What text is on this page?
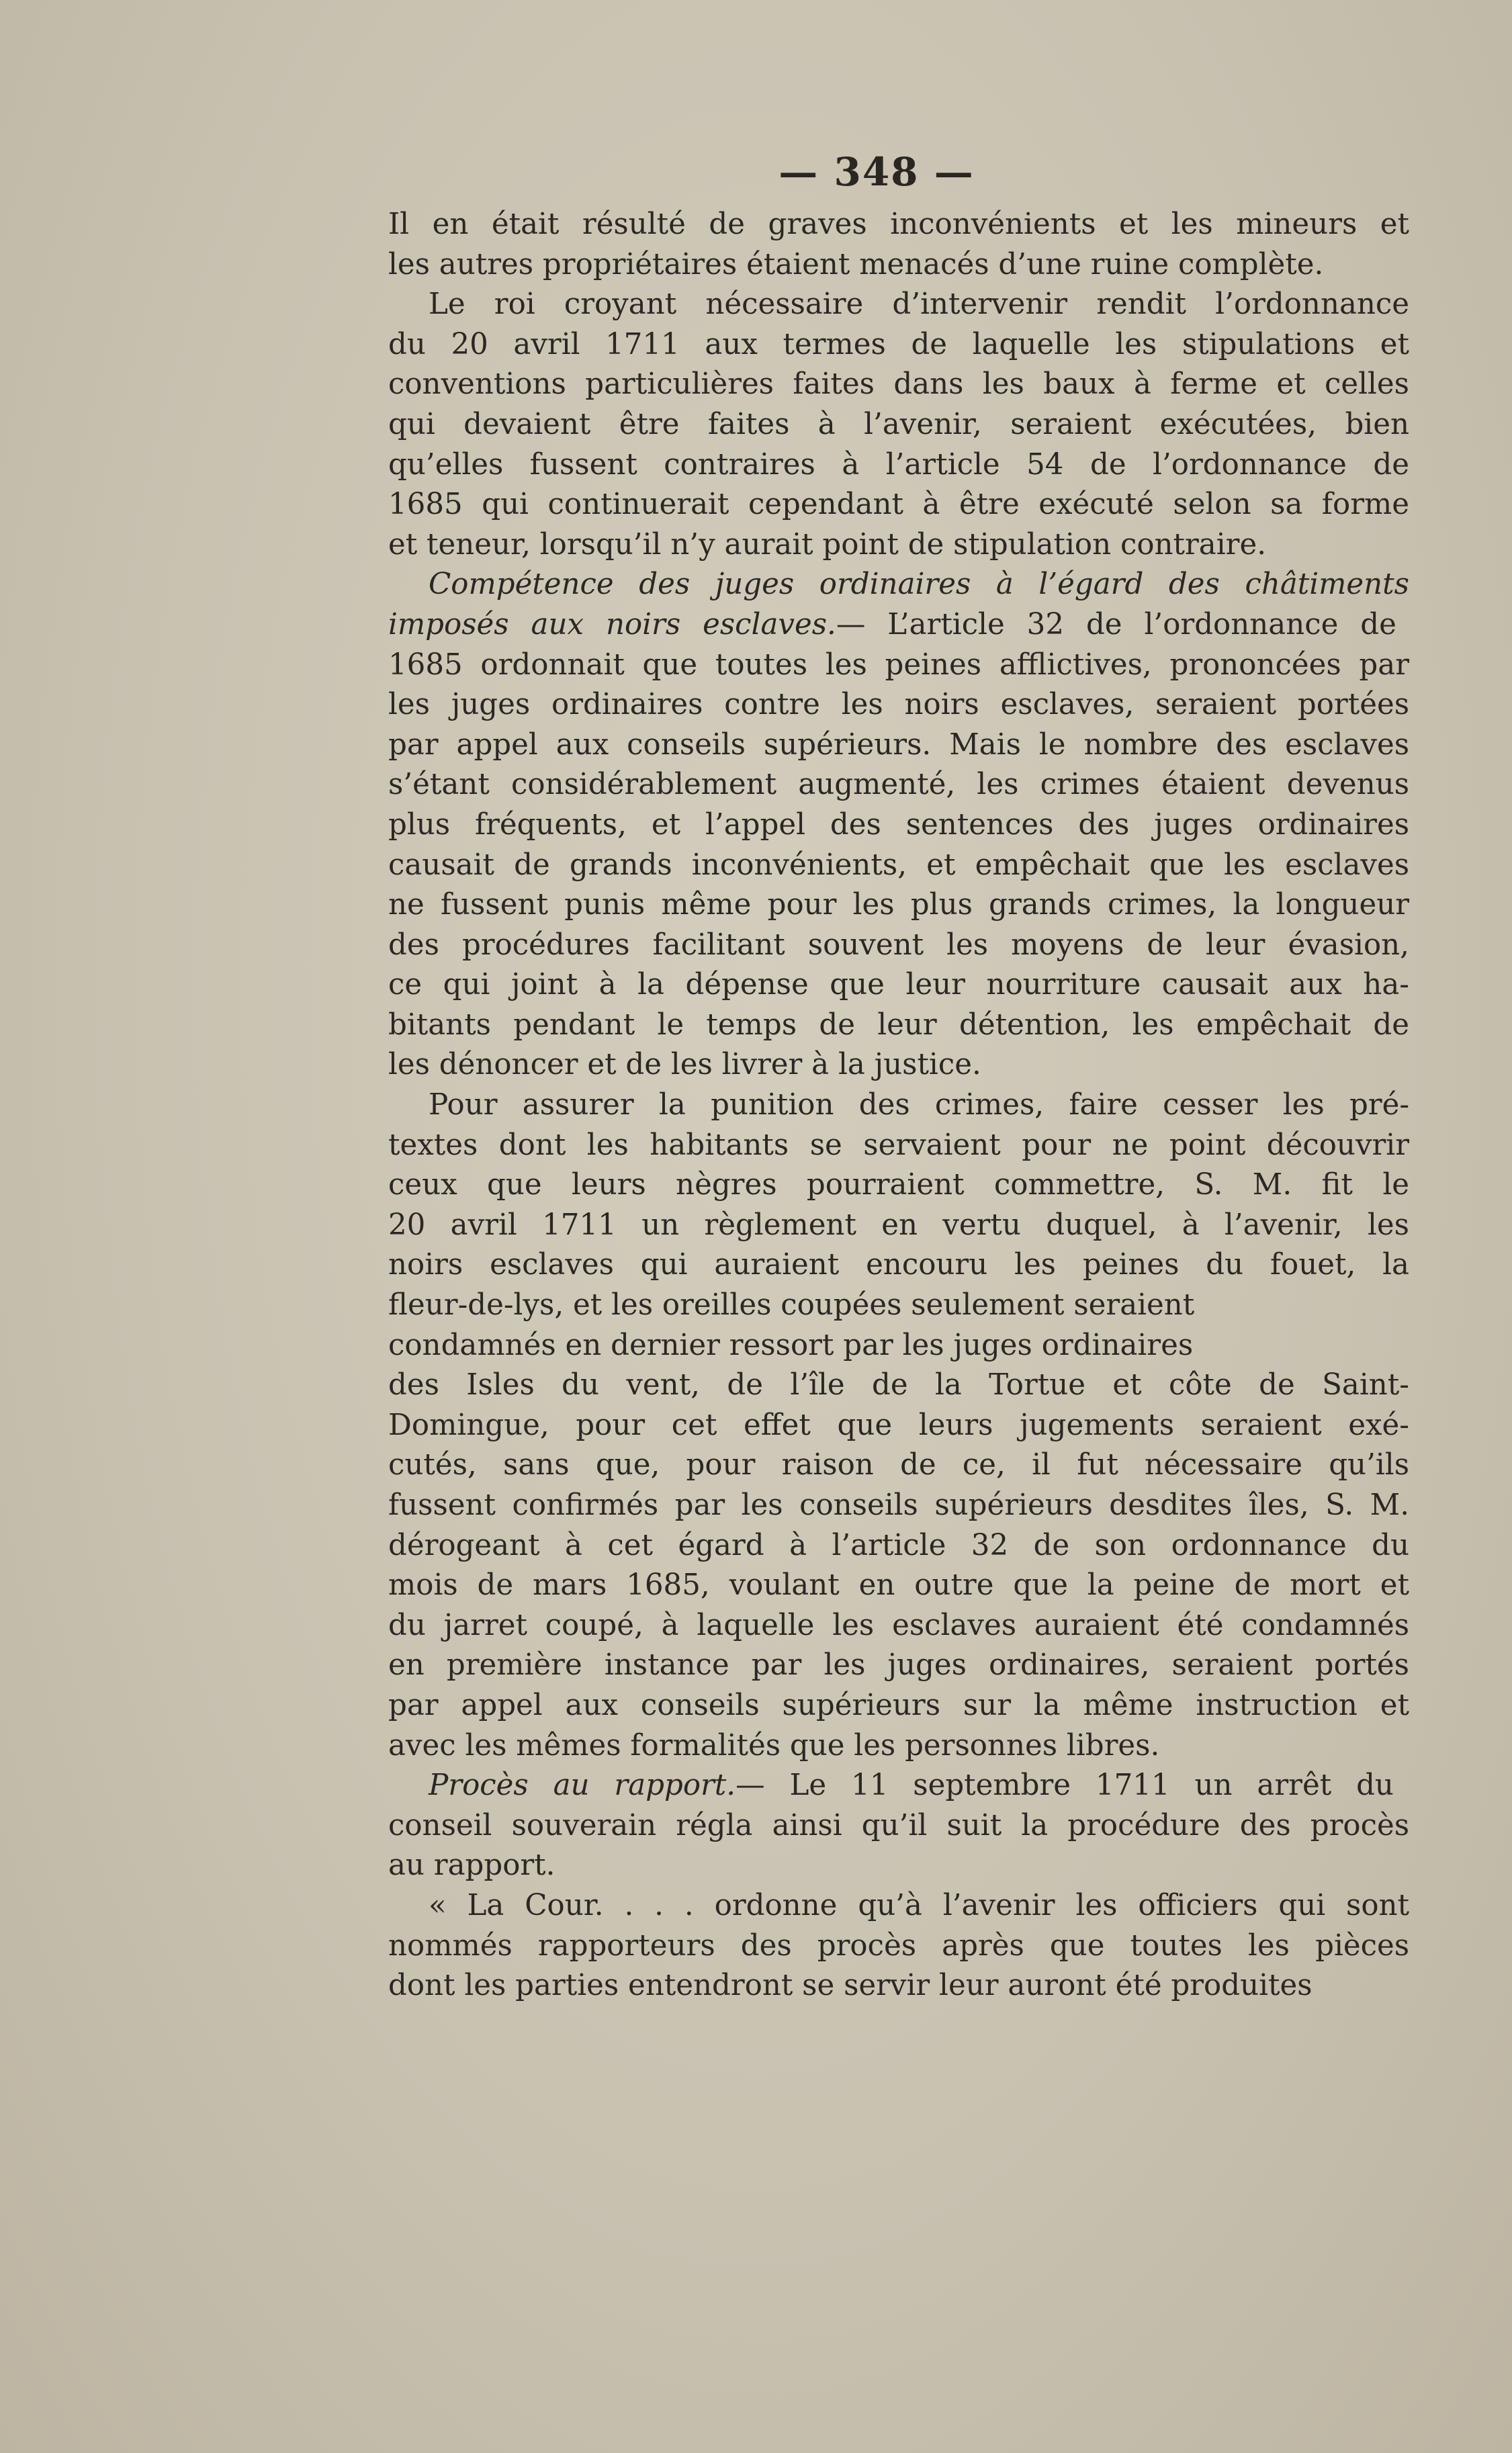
— 348 —
Il en était résulté de graves inconvénients et les mineurs et
les autres propriétaires étaient menacés d’une ruine complète.
Le roi croyant nécessaire d’intervenir rendit l’ordonnance
du 20 avril 1711 aux termes de laquelle les stipulations et
conventions particulières faites dans les baux à ferme et celles
qui devaient être faites à l’avenir, seraient exécutées, bien
qu’elles fussent contraires à l’article 54 de l’ordonnance de
1685 qui continuerait cependant à être exécuté selon sa forme
et teneur, lorsqu’il n’y aurait point de stipulation contraire.
Compétence des juges ordinaires à l’égard des châtiments
imposés aux noirs esclaves.— L’article 32 de l’ordonnance de
1685 ordonnait que toutes les peines afflictives, prononcées par
les juges ordinaires contre les noirs esclaves, seraient portées
par appel aux conseils supérieurs. Mais le nombre des esclaves
s’étant considérablement augmenté, les crimes étaient devenus
plus fréquents, et l’appel des sentences des juges ordinaires
causait de grands inconvénients, et empêchait que les esclaves
ne fussent punis même pour les plus grands crimes, la longueur
des procédures facilitant souvent les moyens de leur évasion,
ce qui joint à la dépense que leur nourriture causait aux ha-
bitants pendant le temps de leur détention, les empêchait de
les dénoncer et de les livrer à la justice.
Pour assurer la punition des crimes, faire cesser les pré-
textes dont les habitants se servaient pour ne point découvrir
ceux que leurs nègres pourraient commettre, S. M. fit le
20 avril 1711 un règlement en vertu duquel, à l’avenir, les
noirs esclaves qui auraient encouru les peines du fouet, la
fleur-de-lys, et les oreilles coupées seulement seraient
condamnés en dernier ressort par les juges ordinaires
des Isles du vent, de l’île de la Tortue et côte de Saint-
Domingue, pour cet effet que leurs jugements seraient exé-
cutés, sans que, pour raison de ce, il fut nécessaire qu’ils
fussent confirmés par les conseils supérieurs desdites îles, S. M.
dérogeant à cet égard à l’article 32 de son ordonnance du
mois de mars 1685, voulant en outre que la peine de mort et
du jarret coupé, à laquelle les esclaves auraient été condamnés
en première instance par les juges ordinaires, seraient portés
par appel aux conseils supérieurs sur la même instruction et
avec les mêmes formalités que les personnes libres.
Procès au rapport.— Le 11 septembre 1711 un arrêt du
conseil souverain régla ainsi qu’il suit la procédure des procès
au rapport.
« La Cour. . . . ordonne qu’à l’avenir les officiers qui sont
nommés rapporteurs des procès après que toutes les pièces
dont les parties entendront se servir leur auront été produites
